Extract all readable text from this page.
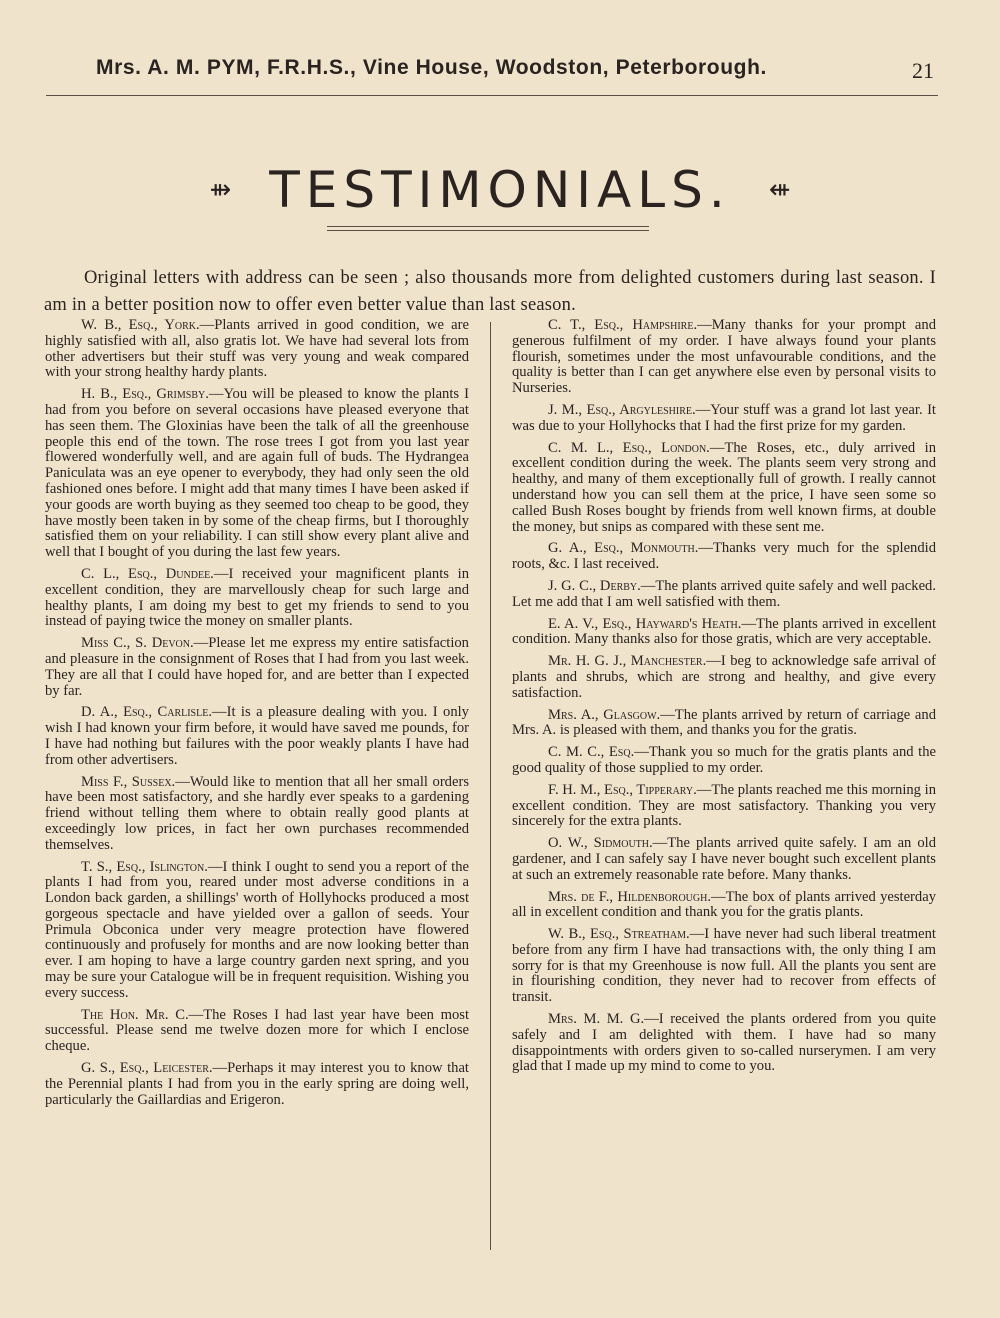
Mrs. A. M. PYM, F.R.H.S., Vine House, Woodston, Peterborough.	21
⇻ TESTIMONIALS. ⇺

Original letters with address can be seen ; also thousands more from delighted customers during last season. I am in a better position now to offer even better value than last season.

W. B., Esq., York.—Plants arrived in good condition, we are highly satisfied with all, also gratis lot. We have had several lots from other advertisers but their stuff was very young and weak compared with your strong healthy hardy plants.

H. B., Esq., Grimsby.—You will be pleased to know the plants I had from you before on several occasions have pleased everyone that has seen them. The Gloxinias have been the talk of all the greenhouse people this end of the town. The rose trees I got from you last year flowered wonderfully well, and are again full of buds. The Hydrangea Paniculata was an eye opener to everybody, they had only seen the old fashioned ones before. I might add that many times I have been asked if your goods are worth buying as they seemed too cheap to be good, they have mostly been taken in by some of the cheap firms, but I thoroughly satisfied them on your reliability. I can still show every plant alive and well that I bought of you during the last few years.

C. L., Esq., Dundee.—I received your magnificent plants in excellent condition, they are marvellously cheap for such large and healthy plants, I am doing my best to get my friends to send to you instead of paying twice the money on smaller plants.

Miss C., S. Devon.—Please let me express my entire satisfaction and pleasure in the consignment of Roses that I had from you last week. They are all that I could have hoped for, and are better than I expected by far.

D. A., Esq., Carlisle.—It is a pleasure dealing with you. I only wish I had known your firm before, it would have saved me pounds, for I have had nothing but failures with the poor weakly plants I have had from other advertisers.

Miss F., Sussex.—Would like to mention that all her small orders have been most satisfactory, and she hardly ever speaks to a gardening friend without telling them where to obtain really good plants at exceedingly low prices, in fact her own purchases recommended themselves.

T. S., Esq., Islington.—I think I ought to send you a report of the plants I had from you, reared under most adverse conditions in a London back garden, a shillings' worth of Hollyhocks produced a most gorgeous spectacle and have yielded over a gallon of seeds. Your Primula Obconica under very meagre protection have flowered continuously and profusely for months and are now looking better than ever. I am hoping to have a large country garden next spring, and you may be sure your Catalogue will be in frequent requisition. Wishing you every success.

The Hon. Mr. C.—The Roses I had last year have been most successful. Please send me twelve dozen more for which I enclose cheque.

G. S., Esq., Leicester.—Perhaps it may interest you to know that the Perennial plants I had from you in the early spring are doing well, particularly the Gaillardias and Erigeron.

C. T., Esq., Hampshire.—Many thanks for your prompt and generous fulfilment of my order. I have always found your plants flourish, sometimes under the most unfavourable conditions, and the quality is better than I can get anywhere else even by personal visits to Nurseries.

J. M., Esq., Argyleshire.—Your stuff was a grand lot last year. It was due to your Hollyhocks that I had the first prize for my garden.

C. M. L., Esq., London.—The Roses, etc., duly arrived in excellent condition during the week. The plants seem very strong and healthy, and many of them exceptionally full of growth. I really cannot understand how you can sell them at the price, I have seen some so called Bush Roses bought by friends from well known firms, at double the money, but snips as compared with these sent me.

G. A., Esq., Monmouth.—Thanks very much for the splendid roots, &c. I last received.

J. G. C., Derby.—The plants arrived quite safely and well packed. Let me add that I am well satisfied with them.

E. A. V., Esq., Hayward's Heath.—The plants arrived in excellent condition. Many thanks also for those gratis, which are very acceptable.

Mr. H. G. J., Manchester.—I beg to acknowledge safe arrival of plants and shrubs, which are strong and healthy, and give every satisfaction.

Mrs. A., Glasgow.—The plants arrived by return of carriage and Mrs. A. is pleased with them, and thanks you for the gratis.

C. M. C., Esq.—Thank you so much for the gratis plants and the good quality of those supplied to my order.

F. H. M., Esq., Tipperary.—The plants reached me this morning in excellent condition. They are most satisfactory. Thanking you very sincerely for the extra plants.

O. W., Sidmouth.—The plants arrived quite safely. I am an old gardener, and I can safely say I have never bought such excellent plants at such an extremely reasonable rate before. Many thanks.

Mrs. de F., Hildenborough.—The box of plants arrived yesterday all in excellent condition and thank you for the gratis plants.

W. B., Esq., Streatham.—I have never had such liberal treatment before from any firm I have had transactions with, the only thing I am sorry for is that my Greenhouse is now full. All the plants you sent are in flourishing condition, they never had to recover from effects of transit.

Mrs. M. M. G.—I received the plants ordered from you quite safely and I am delighted with them. I have had so many disappointments with orders given to so-called nurserymen. I am very glad that I made up my mind to come to you.
